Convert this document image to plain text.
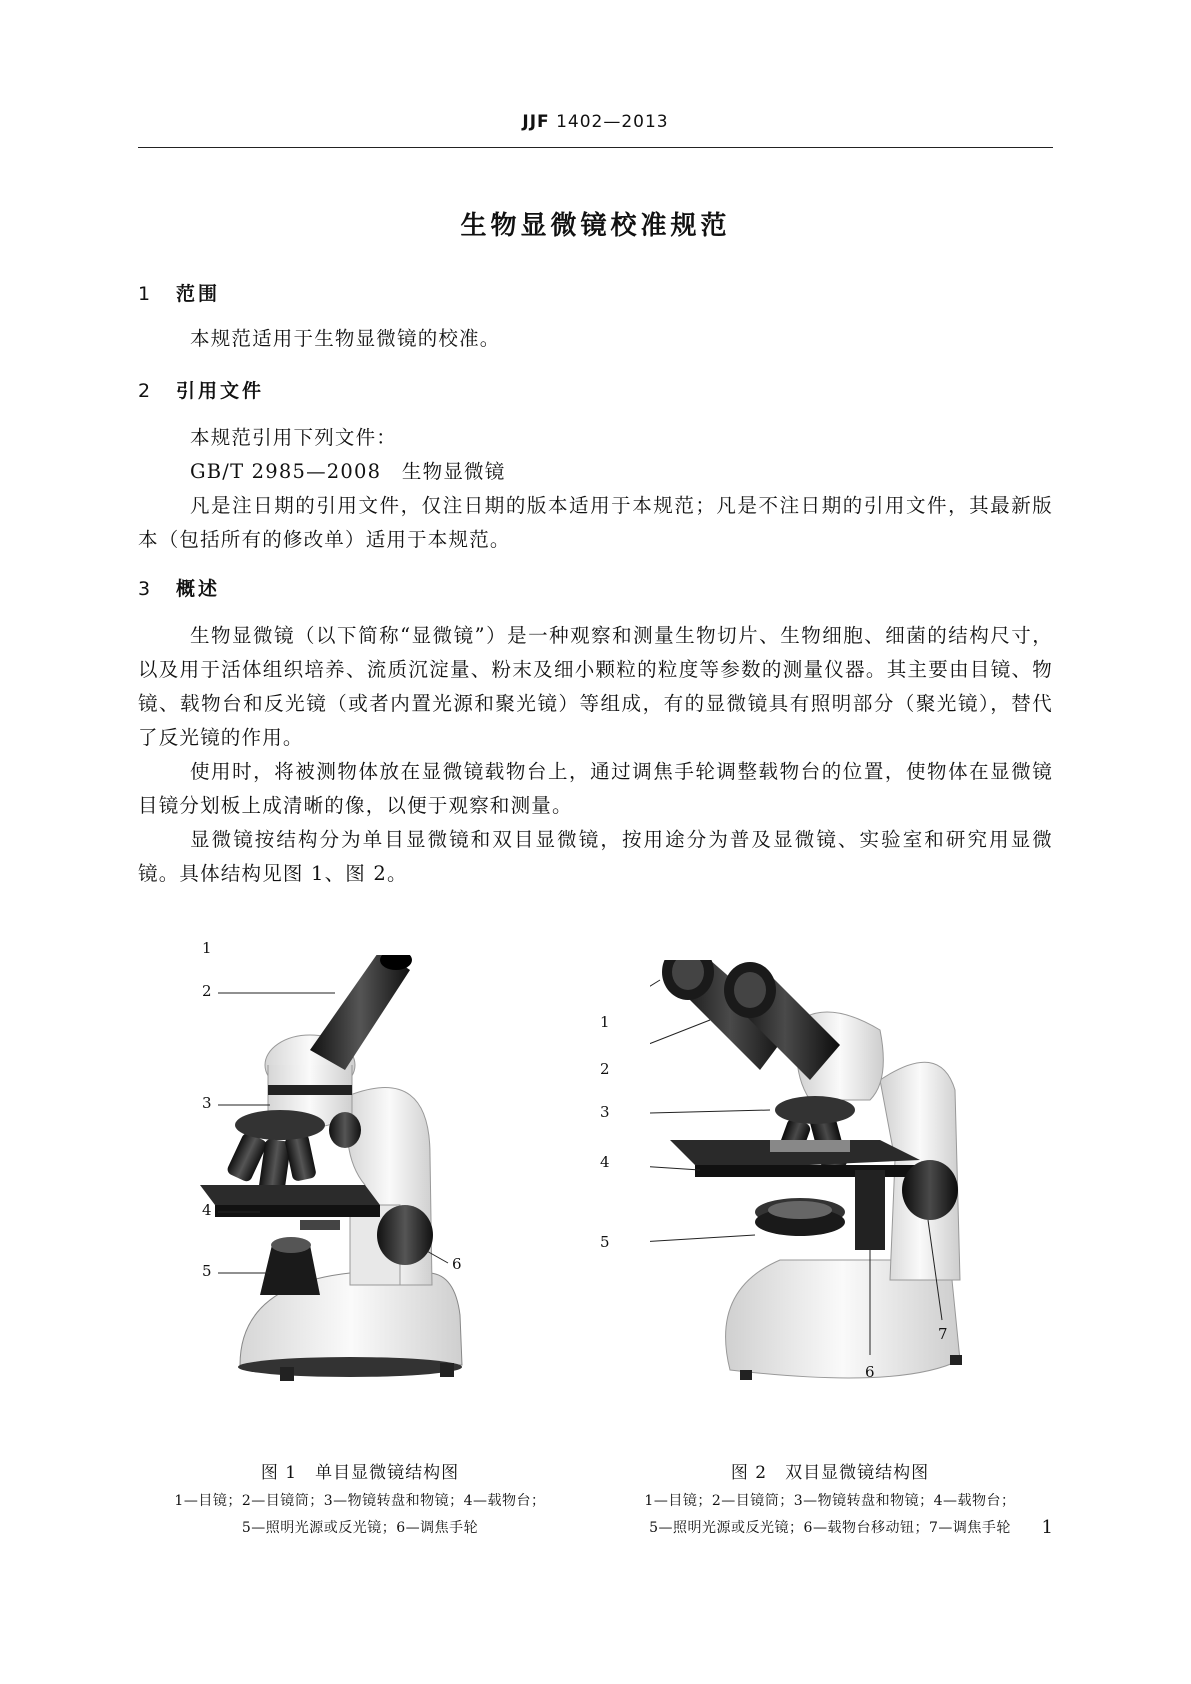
JJF 1402—2013
生物显微镜校准规范
1 范围
本规范适用于生物显微镜的校准。
2 引用文件
本规范引用下列文件：
GB/T 2985—2008　生物显微镜
凡是注日期的引用文件，仅注日期的版本适用于本规范；凡是不注日期的引用文件，其最新版本（包括所有的修改单）适用于本规范。
3 概述
生物显微镜（以下简称“显微镜”）是一种观察和测量生物切片、生物细胞、细菌的结构尺寸，以及用于活体组织培养、流质沉淀量、粉末及细小颗粒的粒度等参数的测量仪器。其主要由目镜、物镜、载物台和反光镜（或者内置光源和聚光镜）等组成，有的显微镜具有照明部分（聚光镜），替代了反光镜的作用。
使用时，将被测物体放在显微镜载物台上，通过调焦手轮调整载物台的位置，使物体在显微镜目镜分划板上成清晰的像，以便于观察和测量。
显微镜按结构分为单目显微镜和双目显微镜，按用途分为普及显微镜、实验室和研究用显微镜。具体结构见图 1、图 2。
1
2
3
4
5	6
1
2
3
4
5
6
7
图 1　单目显微镜结构图
1—目镜；2—目镜筒；3—物镜转盘和物镜；4—载物台；
5—照明光源或反光镜；6—调焦手轮
图 2　双目显微镜结构图
1—目镜；2—目镜筒；3—物镜转盘和物镜；4—载物台；
5—照明光源或反光镜；6—载物台移动钮；7—调焦手轮	1
